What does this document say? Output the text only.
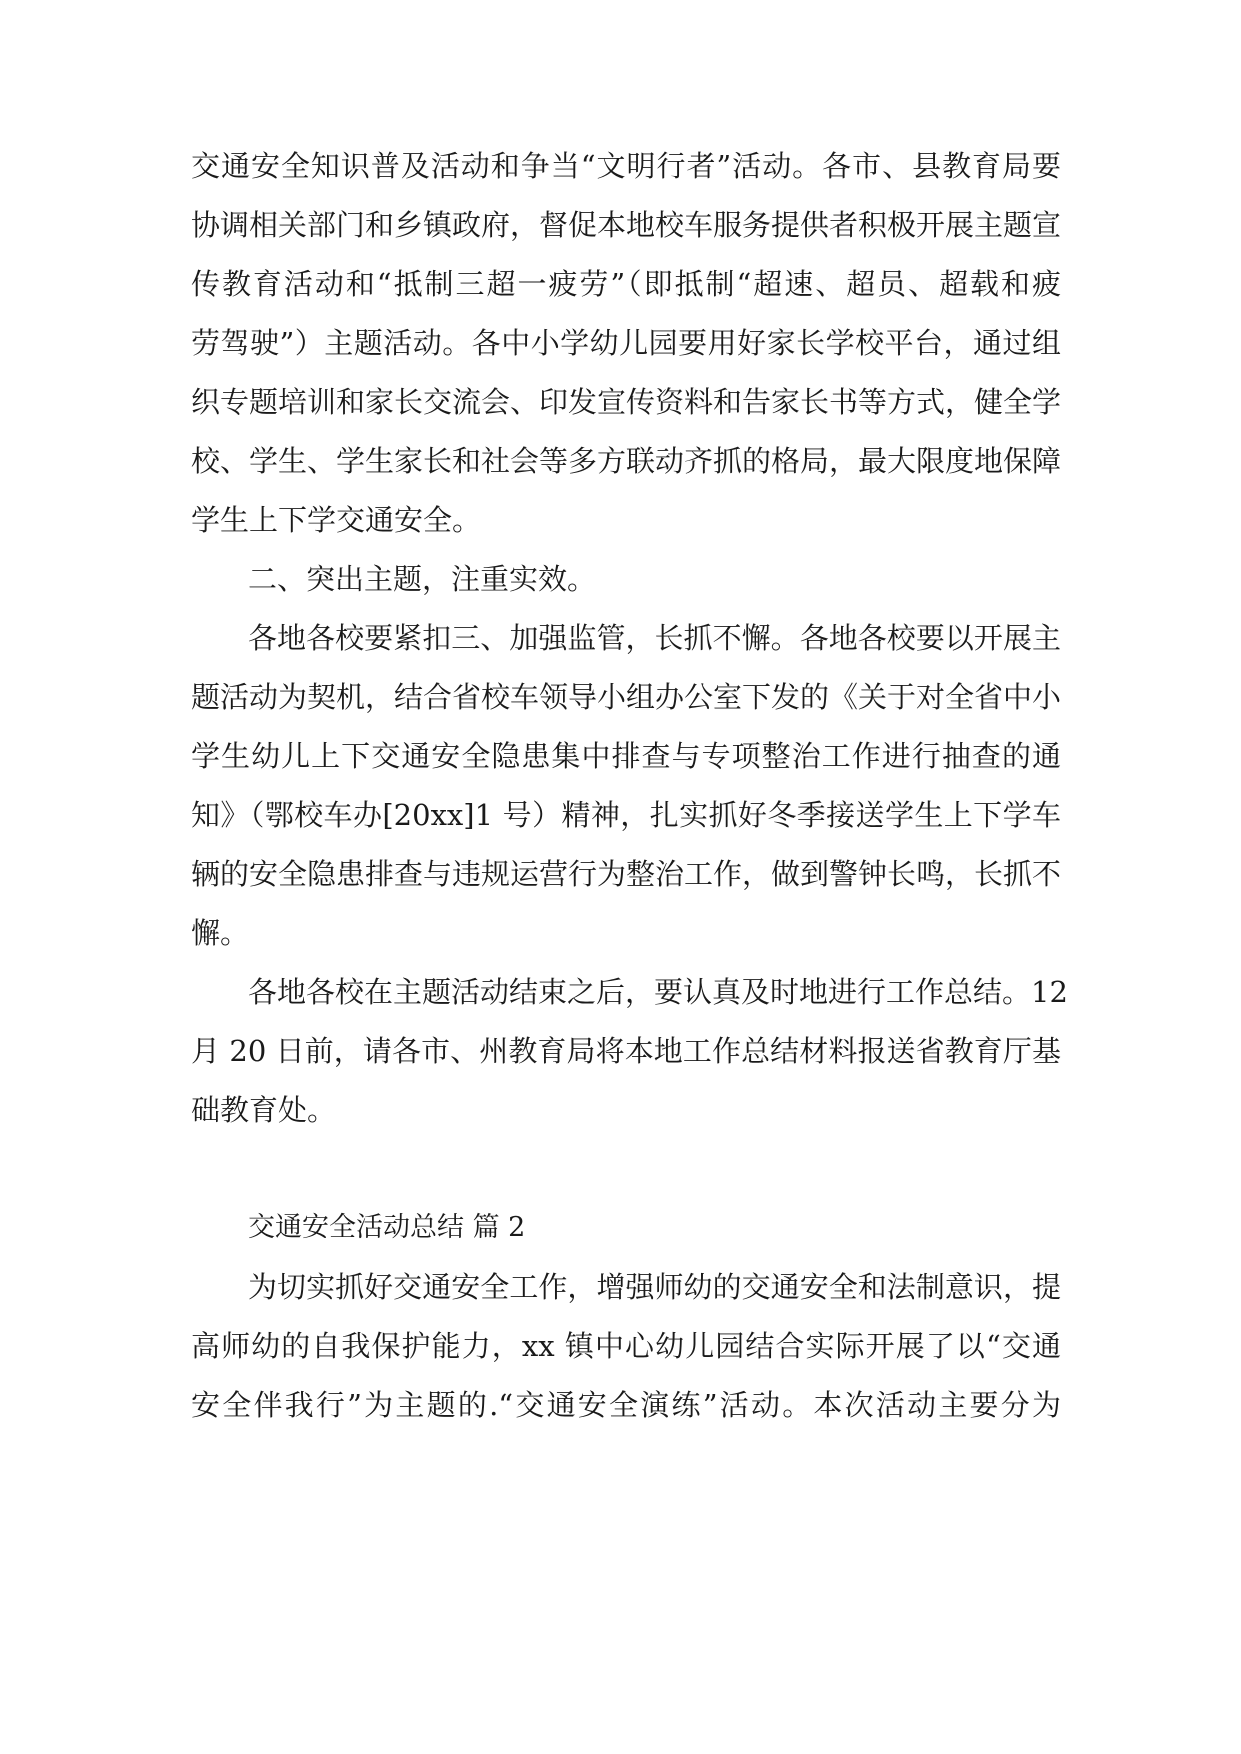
交通安全知识普及活动和争当“文明行者”活动。各市、县教育局要
协调相关部门和乡镇政府，督促本地校车服务提供者积极开展主题宣
传教育活动和“抵制三超一疲劳”（即抵制“超速、超员、超载和疲
劳驾驶”）主题活动。各中小学幼儿园要用好家长学校平台，通过组
织专题培训和家长交流会、印发宣传资料和告家长书等方式，健全学
校、学生、学生家长和社会等多方联动齐抓的格局，最大限度地保障
学生上下学交通安全。
二、突出主题，注重实效。
各地各校要紧扣三、加强监管，长抓不懈。各地各校要以开展主
题活动为契机，结合省校车领导小组办公室下发的《关于对全省中小
学生幼儿上下交通安全隐患集中排查与专项整治工作进行抽查的通
知》（鄂校车办[20xx]1 号）精神，扎实抓好冬季接送学生上下学车
辆的安全隐患排查与违规运营行为整治工作，做到警钟长鸣，长抓不
懈。
各地各校在主题活动结束之后，要认真及时地进行工作总结。12
月 20 日前，请各市、州教育局将本地工作总结材料报送省教育厅基
础教育处。
交通安全活动总结 篇 2
为切实抓好交通安全工作，增强师幼的交通安全和法制意识，提
高师幼的自我保护能力，xx 镇中心幼儿园结合实际开展了以“交通
安全伴我行”为主题的.“交通安全演练”活动。本次活动主要分为
